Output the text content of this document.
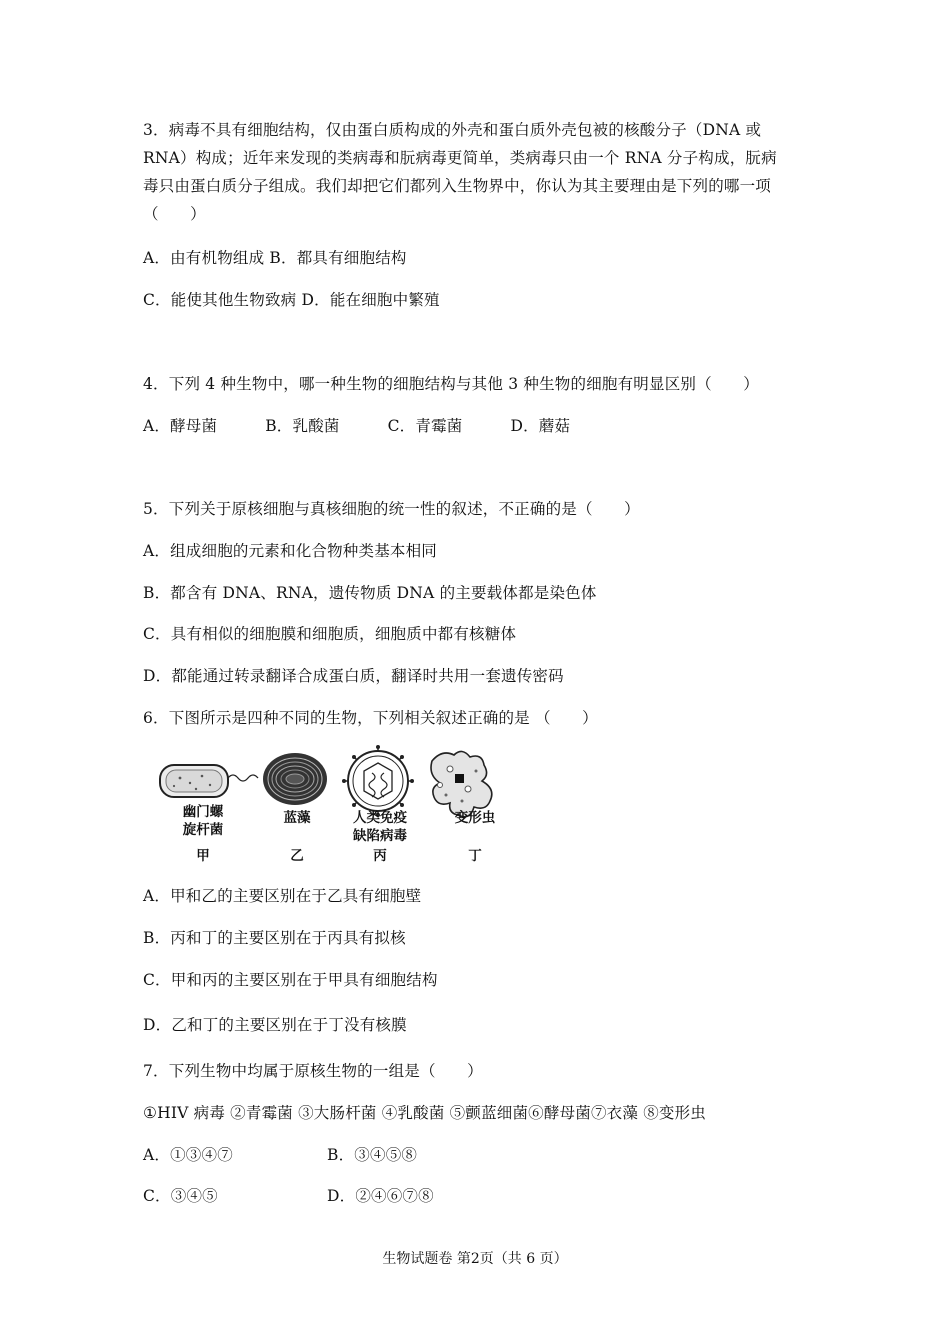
3．病毒不具有细胞结构，仅由蛋白质构成的外壳和蛋白质外壳包被的核酸分子（DNA 或
RNA）构成；近年来发现的类病毒和朊病毒更简单，类病毒只由一个 RNA 分子构成，朊病
毒只由蛋白质分子组成。我们却把它们都列入生物界中，你认为其主要理由是下列的哪一项
（　　）
A．由有机物组成 B．都具有细胞结构
C．能使其他生物致病 D．能在细胞中繁殖
4．下列 4 种生物中，哪一种生物的细胞结构与其他 3 种生物的细胞有明显区别（　　）
A．酵母菌	B．乳酸菌	C．青霉菌	D．蘑菇
5．下列关于原核细胞与真核细胞的统一性的叙述，不正确的是（　　）
A．组成细胞的元素和化合物种类基本相同
B．都含有 DNA、RNA，遗传物质 DNA 的主要载体都是染色体
C．具有相似的细胞膜和细胞质，细胞质中都有核糖体
D．都能通过转录翻译合成蛋白质，翻译时共用一套遗传密码
6．下图所示是四种不同的生物，下列相关叙述正确的是 （　　）
幽门螺
旋杆菌
甲
蓝藻
乙
人类免疫
缺陷病毒
丙
变形虫
丁
A．甲和乙的主要区别在于乙具有细胞壁
B．丙和丁的主要区别在于丙具有拟核
C．甲和丙的主要区别在于甲具有细胞结构
D．乙和丁的主要区别在于丁没有核膜
7．下列生物中均属于原核生物的一组是（　　）
①HIV 病毒 ②青霉菌 ③大肠杆菌 ④乳酸菌 ⑤颤蓝细菌⑥酵母菌⑦衣藻 ⑧变形虫
A．①③④⑦	B．③④⑤⑧
C．③④⑤	D．②④⑥⑦⑧
生物试题卷 第2页（共 6 页）
